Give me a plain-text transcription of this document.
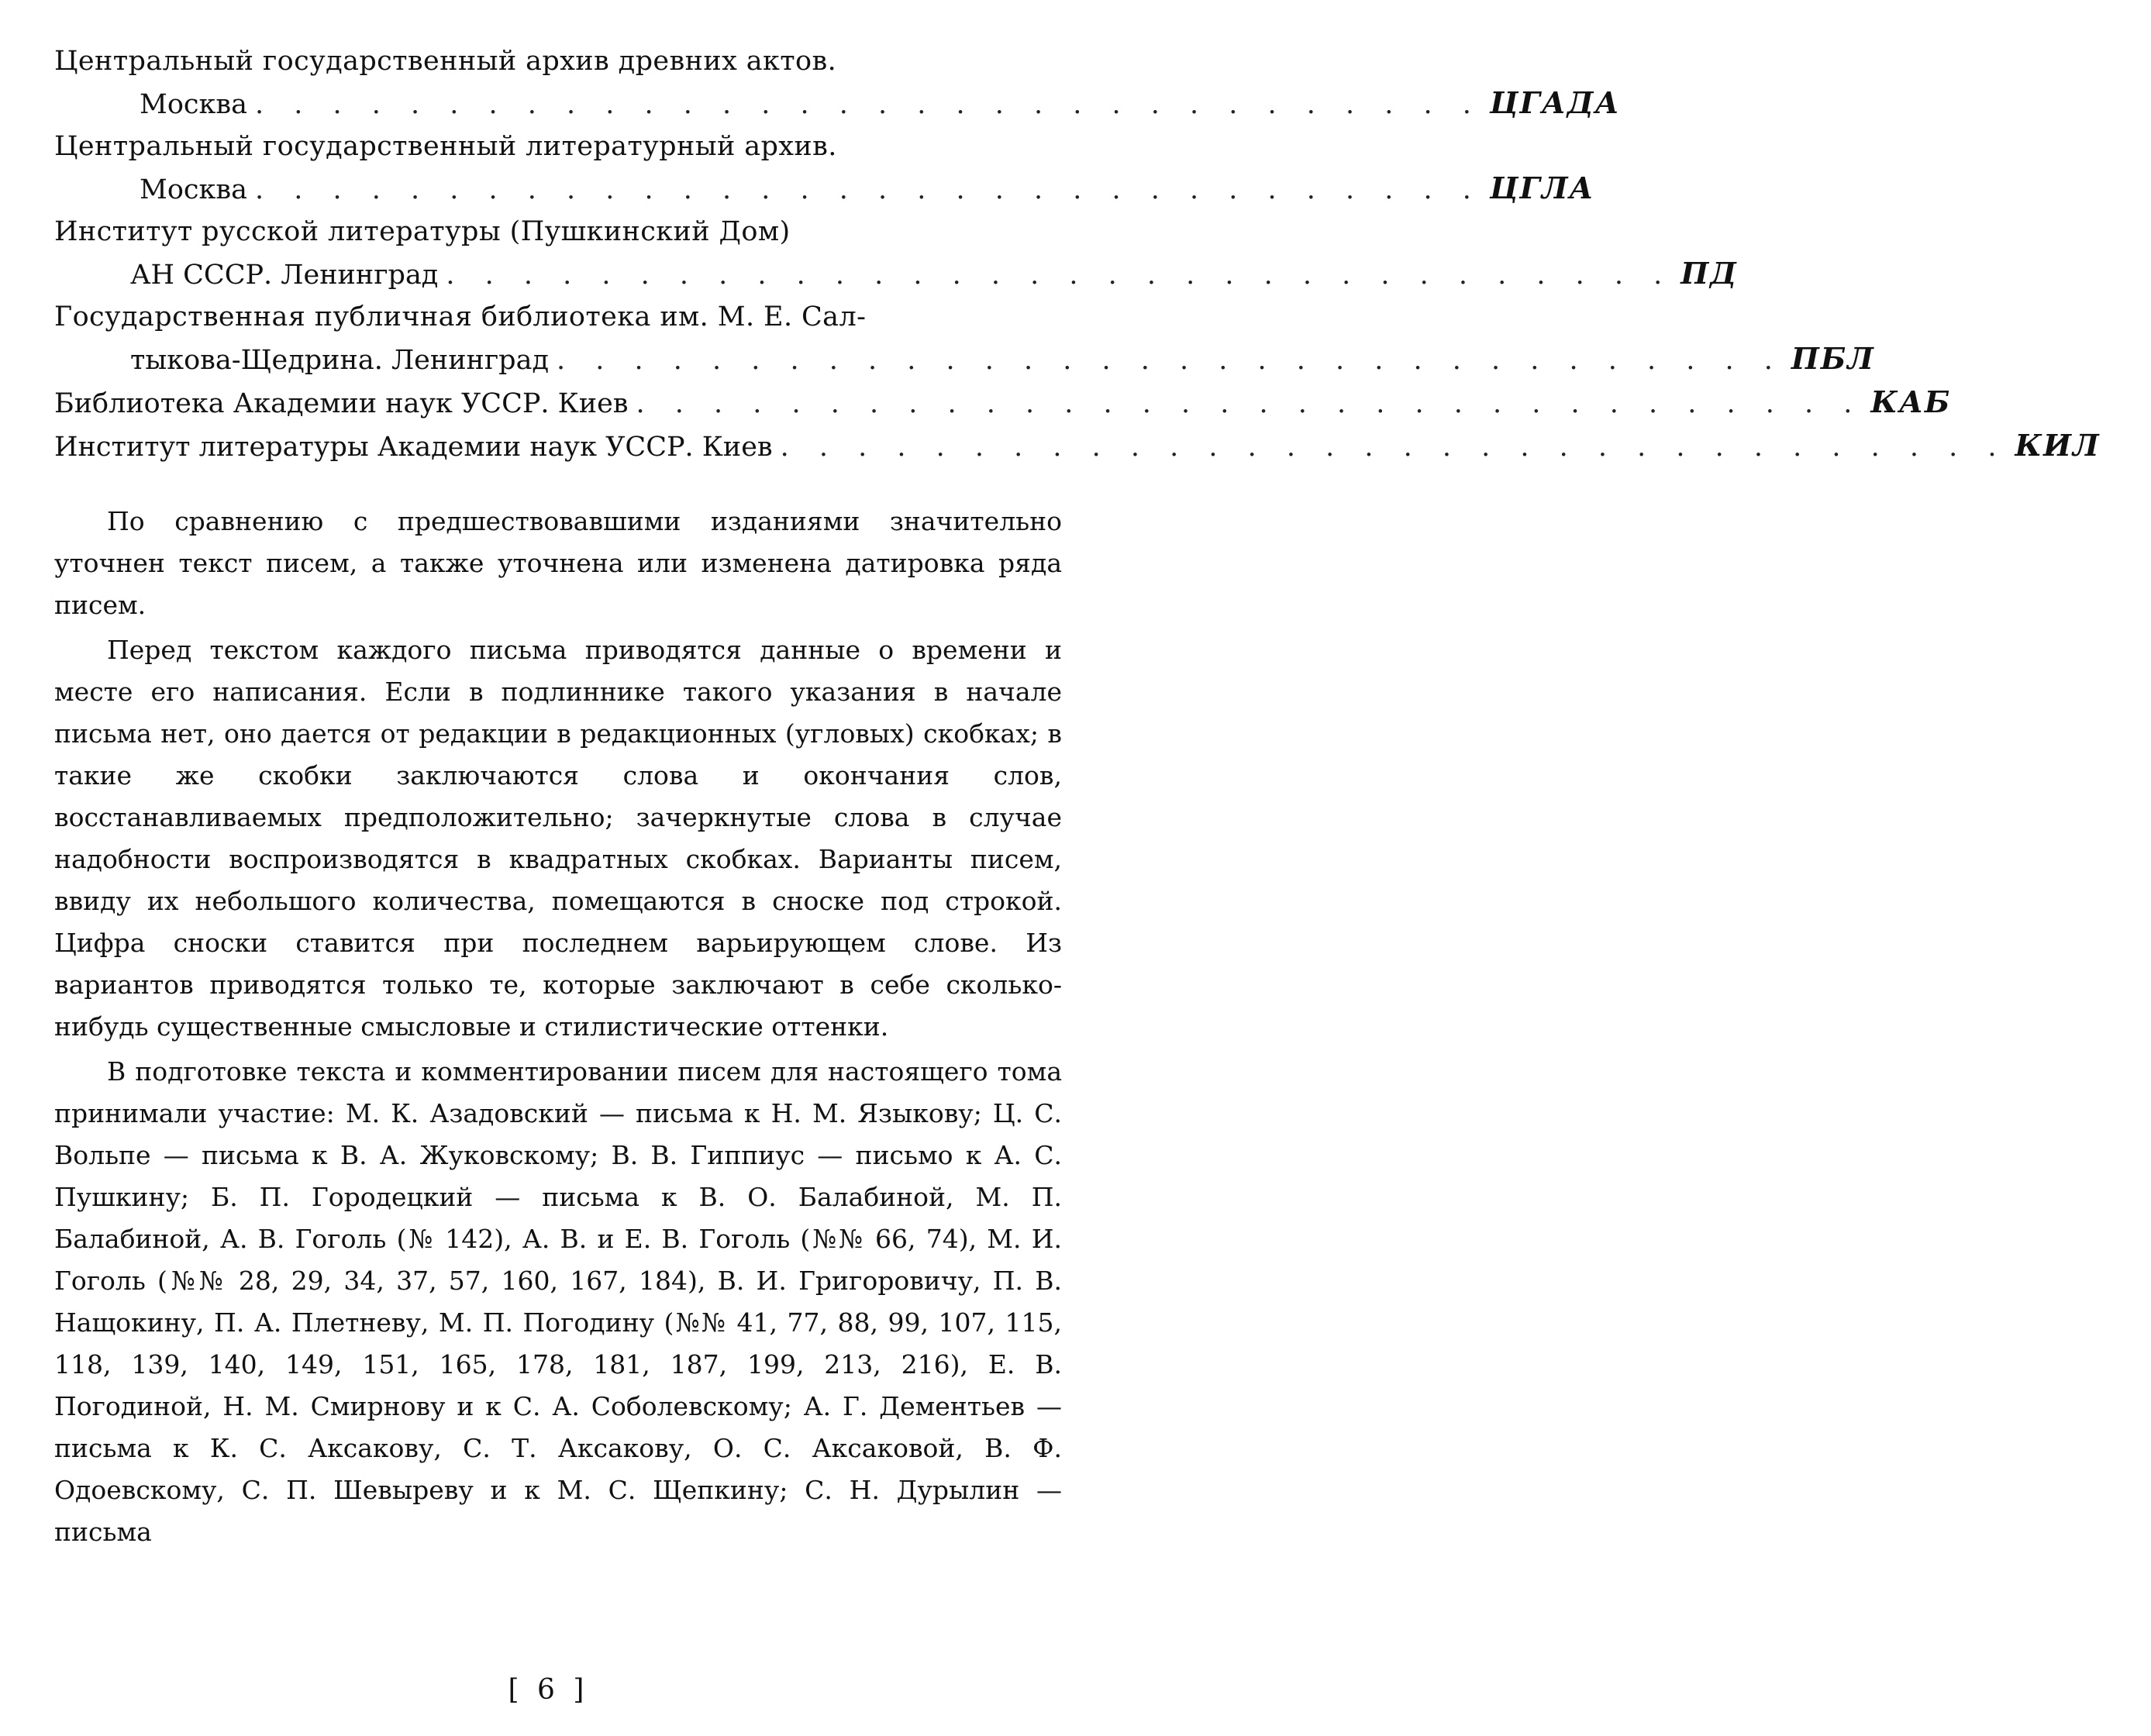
Центральный государственный архив древних актов.
Москва . . . . . . . . . . . . . . . . . . . . . . . . . . . . . . . . ЦГАДА
Центральный государственный литературный архив.
Москва . . . . . . . . . . . . . . . . . . . . . . . . . . . . . . . . ЦГЛА
Институт русской литературы (Пушкинский Дом)
АН СССР. Ленинград . . . . . . . . . . . . . . . . . . . . . . . . . . . . . . . . ПД
Государственная публичная библиотека им. М. Е. Сал-
тыкова-Щедрина. Ленинград . . . . . . . . . . . . . . . . . . . . . . . . . . . . . . . . ПБЛ
Библиотека Академии наук УССР. Киев . . . . . . . . . . . . . . . . . . . . . . . . . . . . . . . . КАБ
Институт литературы Академии наук УССР. Киев . . . . . . . . . . . . . . . . . . . . . . . . . . . . . . . . КИЛ

По сравнению с предшествовавшими изданиями значительно уточнен текст писем, а также уточнена или изменена датировка ряда писем.

Перед текстом каждого письма приводятся данные о времени и месте его написания. Если в подлиннике такого указания в начале письма нет, оно дается от редакции в редакционных (угловых) скобках; в такие же скобки заключаются слова и окончания слов, восстанавливаемых предположительно; зачеркнутые слова в случае надобности воспроизводятся в квадратных скобках. Варианты писем, ввиду их небольшого количества, помещаются в сноске под строкой. Цифра сноски ставится при последнем варьирующем слове. Из вариантов приводятся только те, которые заключают в себе сколько-нибудь существенные смысловые и стилистические оттенки.

В подготовке текста и комментировании писем для настоящего тома принимали участие: М. К. Азадовский — письма к Н. М. Языкову; Ц. С. Вольпе — письма к В. А. Жуковскому; В. В. Гиппиус — письмо к А. С. Пушкину; Б. П. Городецкий — письма к В. О. Балабиной, М. П. Балабиной, А. В. Гоголь (№ 142), А. В. и Е. В. Гоголь (№№ 66, 74), М. И. Гоголь (№№ 28, 29, 34, 37, 57, 160, 167, 184), В. И. Григоровичу, П. В. Нащокину, П. А. Плетневу, М. П. Погодину (№№ 41, 77, 88, 99, 107, 115, 118, 139, 140, 149, 151, 165, 178, 181, 187, 199, 213, 216), Е. В. Погодиной, Н. М. Смирнову и к С. А. Соболевскому; А. Г. Дементьев — письма к К. С. Аксакову, С. Т. Аксакову, О. С. Аксаковой, В. Ф. Одоевскому, С. П. Шевыреву и к М. С. Щепкину; С. Н. Дурылин — письма

[ 6 ]
